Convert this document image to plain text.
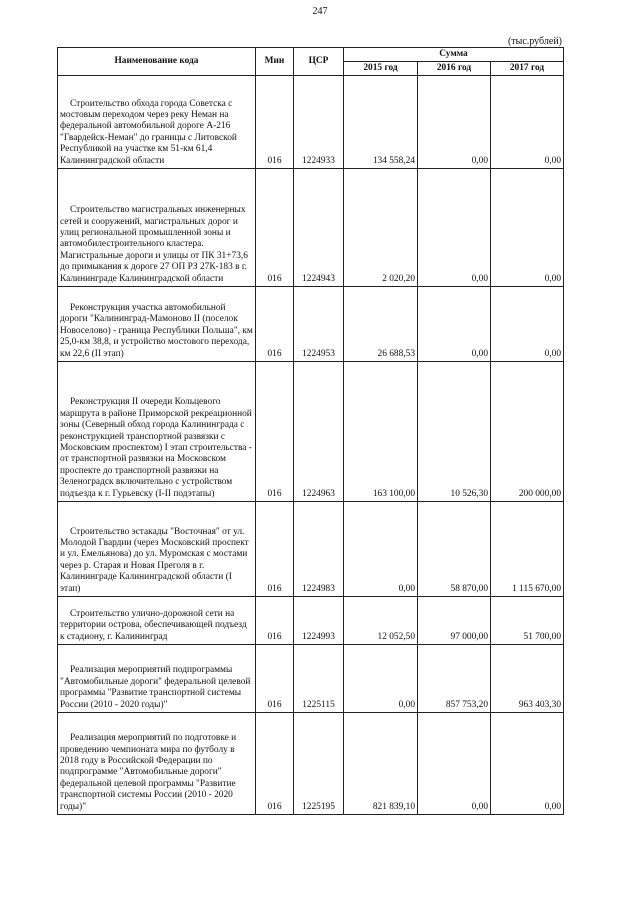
247
(тыс.рублей)
Наименование кода	Мин	ЦСР	Сумма		
			2015 год	2016 год	2017 год

Строительство обхода города Советска с мостовым переходом через реку Неман на федеральной автомобильной дороге А-216 "Гвардейск-Неман" до границы с Литовской Республикой на участке км 51-км 61,4 Калининградской области	016	1224933	134 558,24	0,00	0,00

Строительство магистральных инженерных сетей и сооружений, магистральных дорог и улиц региональной промышленной зоны и автомобилестроительного кластера. Магистральные дороги и улицы от ПК 31+73,6 до примыкания к дороге 27 ОП РЗ 27К-183 в г. Калининграде Калининградской области	016	1224943	2 020,20	0,00	0,00

Реконструкция участка автомобильной дороги "Калининград-Мамоново II (поселок Новоселово) - граница Республики Польша", км 25,0-км 38,8, и устройство мостового перехода, км 22,6 (II этап)	016	1224953	26 688,53	0,00	0,00

Реконструкция II очереди Кольцевого маршрута в районе Приморской рекреационной зоны (Северный обход города Калининграда с реконструкцией транспортной развязки с Московским проспектом) I этап строительства - от транспортной развязки на Московском проспекте до транспортной развязки на Зеленоградск включительно с устройством подъезда к г. Гурьевску (I-II подэтапы)	016	1224963	163 100,00	10 526,30	200 000,00

Строительство эстакады "Восточная" от ул. Молодой Гвардии (через Московский проспект и ул. Емельянова) до ул. Муромская с мостами через р. Старая и Новая Преголя в г. Калининграде Калининградской области (I этап)	016	1224983	0,00	58 870,00	1 115 670,00

Строительство улично-дорожной сети на территории острова, обеспечивающей подъезд к стадиону, г. Калининград	016	1224993	12 052,50	97 000,00	51 700,00

Реализация мероприятий подпрограммы "Автомобильные дороги" федеральной целевой программы "Развитие транспортной системы России (2010 - 2020 годы)"	016	1225115	0,00	857 753,20	963 403,30

Реализация мероприятий по подготовке и проведению чемпионата мира по футболу в 2018 году в Российской Федерации по подпрограмме "Автомобильные дороги" федеральной целевой программы "Развитие транспортной системы России (2010 - 2020 годы)"	016	1225195	821 839,10	0,00	0,00
